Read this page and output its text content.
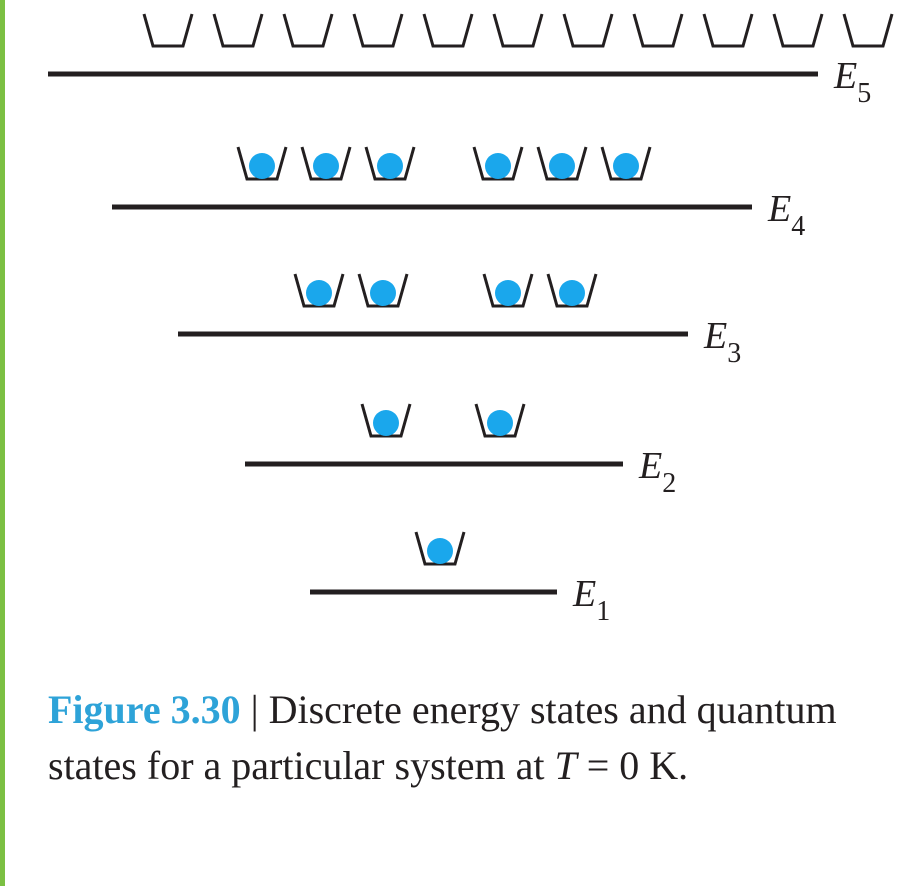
$E_5$
$E_4$
$E_3$
$E_2$
$E_1$
Figure 3.30 | Discrete energy states and quantum states for a particular system at T = 0 K.
